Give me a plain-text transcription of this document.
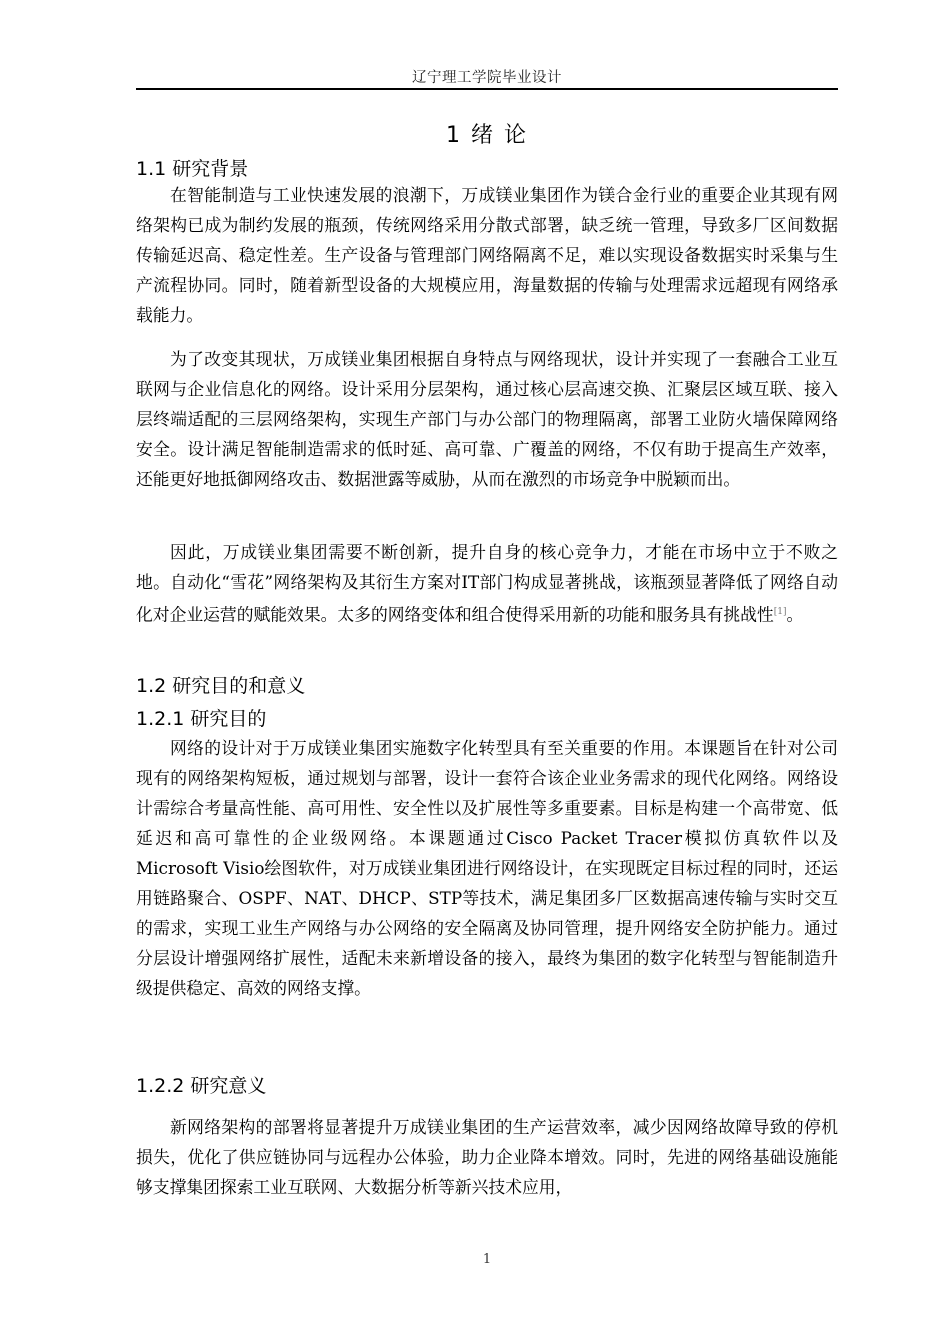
辽宁理工学院毕业设计
1 绪 论
1.1 研究背景
在智能制造与工业快速发展的浪潮下，万成镁业集团作为镁合金行业的重要企业其现有网络架构已成为制约发展的瓶颈，传统网络采用分散式部署，缺乏统一管理，导致多厂区间数据传输延迟高、稳定性差。生产设备与管理部门网络隔离不足，难以实现设备数据实时采集与生产流程协同。同时，随着新型设备的大规模应用，海量数据的传输与处理需求远超现有网络承载能力。
为了改变其现状，万成镁业集团根据自身特点与网络现状，设计并实现了一套融合工业互联网与企业信息化的网络。设计采用分层架构，通过核心层高速交换、汇聚层区域互联、接入层终端适配的三层网络架构，实现生产部门与办公部门的物理隔离，部署工业防火墙保障网络安全。设计满足智能制造需求的低时延、高可靠、广覆盖的网络，不仅有助于提高生产效率，还能更好地抵御网络攻击、数据泄露等威胁，从而在激烈的市场竞争中脱颖而出。
因此，万成镁业集团需要不断创新，提升自身的核心竞争力，才能在市场中立于不败之地。自动化“雪花”网络架构及其衍生方案对IT部门构成显著挑战，该瓶颈显著降低了网络自动化对企业运营的赋能效果。太多的网络变体和组合使得采用新的功能和服务具有挑战性[1]。
1.2 研究目的和意义
1.2.1 研究目的
网络的设计对于万成镁业集团实施数字化转型具有至关重要的作用。本课题旨在针对公司现有的网络架构短板，通过规划与部署，设计一套符合该企业业务需求的现代化网络。网络设计需综合考量高性能、高可用性、安全性以及扩展性等多重要素。目标是构建一个高带宽、低延迟和高可靠性的企业级网络。本课题通过Cisco Packet Tracer模拟仿真软件以及Microsoft Visio绘图软件，对万成镁业集团进行网络设计，在实现既定目标过程的同时，还运用链路聚合、OSPF、NAT、DHCP、STP等技术，满足集团多厂区数据高速传输与实时交互的需求，实现工业生产网络与办公网络的安全隔离及协同管理，提升网络安全防护能力。通过分层设计增强网络扩展性，适配未来新增设备的接入，最终为集团的数字化转型与智能制造升级提供稳定、高效的网络支撑。
1.2.2 研究意义
新网络架构的部署将显著提升万成镁业集团的生产运营效率，减少因网络故障导致的停机损失，优化了供应链协同与远程办公体验，助力企业降本增效。同时，先进的网络基础设施能够支撑集团探索工业互联网、大数据分析等新兴技术应用，
1
